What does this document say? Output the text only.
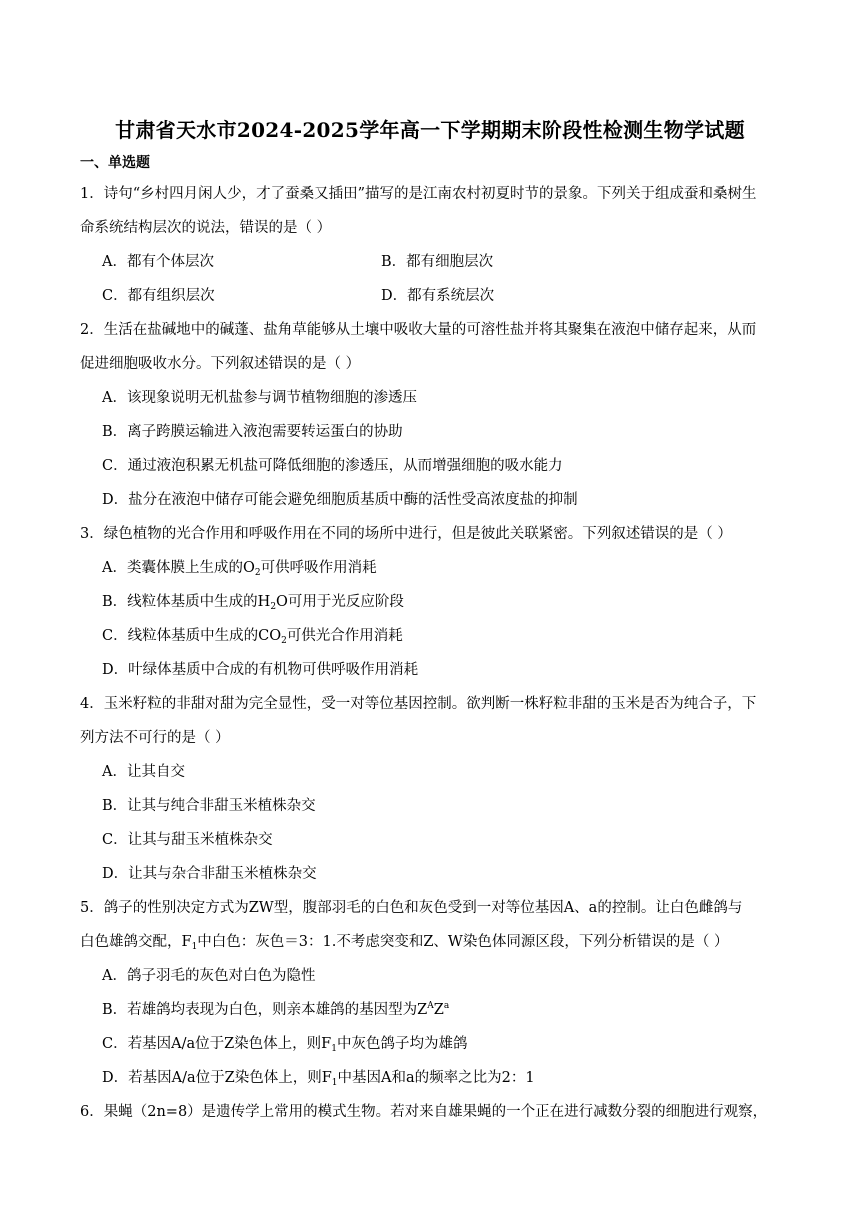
甘肃省天水市2024-2025学年高一下学期期末阶段性检测生物学试题
一、单选题
1．诗句“乡村四月闲人少，才了蚕桑又插田”描写的是江南农村初夏时节的景象。下列关于组成蚕和桑树生
命系统结构层次的说法，错误的是（ ）
A．都有个体层次	B．都有细胞层次
C．都有组织层次	D．都有系统层次
2．生活在盐碱地中的碱蓬、盐角草能够从土壤中吸收大量的可溶性盐并将其聚集在液泡中储存起来，从而
促进细胞吸收水分。下列叙述错误的是（ ）
A．该现象说明无机盐参与调节植物细胞的渗透压
B．离子跨膜运输进入液泡需要转运蛋白的协助
C．通过液泡积累无机盐可降低细胞的渗透压，从而增强细胞的吸水能力
D．盐分在液泡中储存可能会避免细胞质基质中酶的活性受高浓度盐的抑制
3．绿色植物的光合作用和呼吸作用在不同的场所中进行，但是彼此关联紧密。下列叙述错误的是（ ）
A．类囊体膜上生成的$O_2$可供呼吸作用消耗
B．线粒体基质中生成的$H_2O$可用于光反应阶段
C．线粒体基质中生成的$CO_2$可供光合作用消耗
D．叶绿体基质中合成的有机物可供呼吸作用消耗
4．玉米籽粒的非甜对甜为完全显性，受一对等位基因控制。欲判断一株籽粒非甜的玉米是否为纯合子，下
列方法不可行的是（ ）
A．让其自交
B．让其与纯合非甜玉米植株杂交
C．让其与甜玉米植株杂交
D．让其与杂合非甜玉米植株杂交
5．鸽子的性别决定方式为ZW型，腹部羽毛的白色和灰色受到一对等位基因A、a的控制。让白色雌鸽与
白色雄鸽交配，$F_1$中白色：灰色＝3：1.不考虑突变和Z、W染色体同源区段，下列分析错误的是（ ）
A．鸽子羽毛的灰色对白色为隐性
B．若雄鸽均表现为白色，则亲本雄鸽的基因型为$Z^AZ^a$
C．若基因A/a位于Z染色体上，则$F_1$中灰色鸽子均为雄鸽
D．若基因A/a位于Z染色体上，则$F_1$中基因A和a的频率之比为2：1
6．果蝇（2n=8）是遗传学上常用的模式生物。若对来自雄果蝇的一个正在进行减数分裂的细胞进行观察，
